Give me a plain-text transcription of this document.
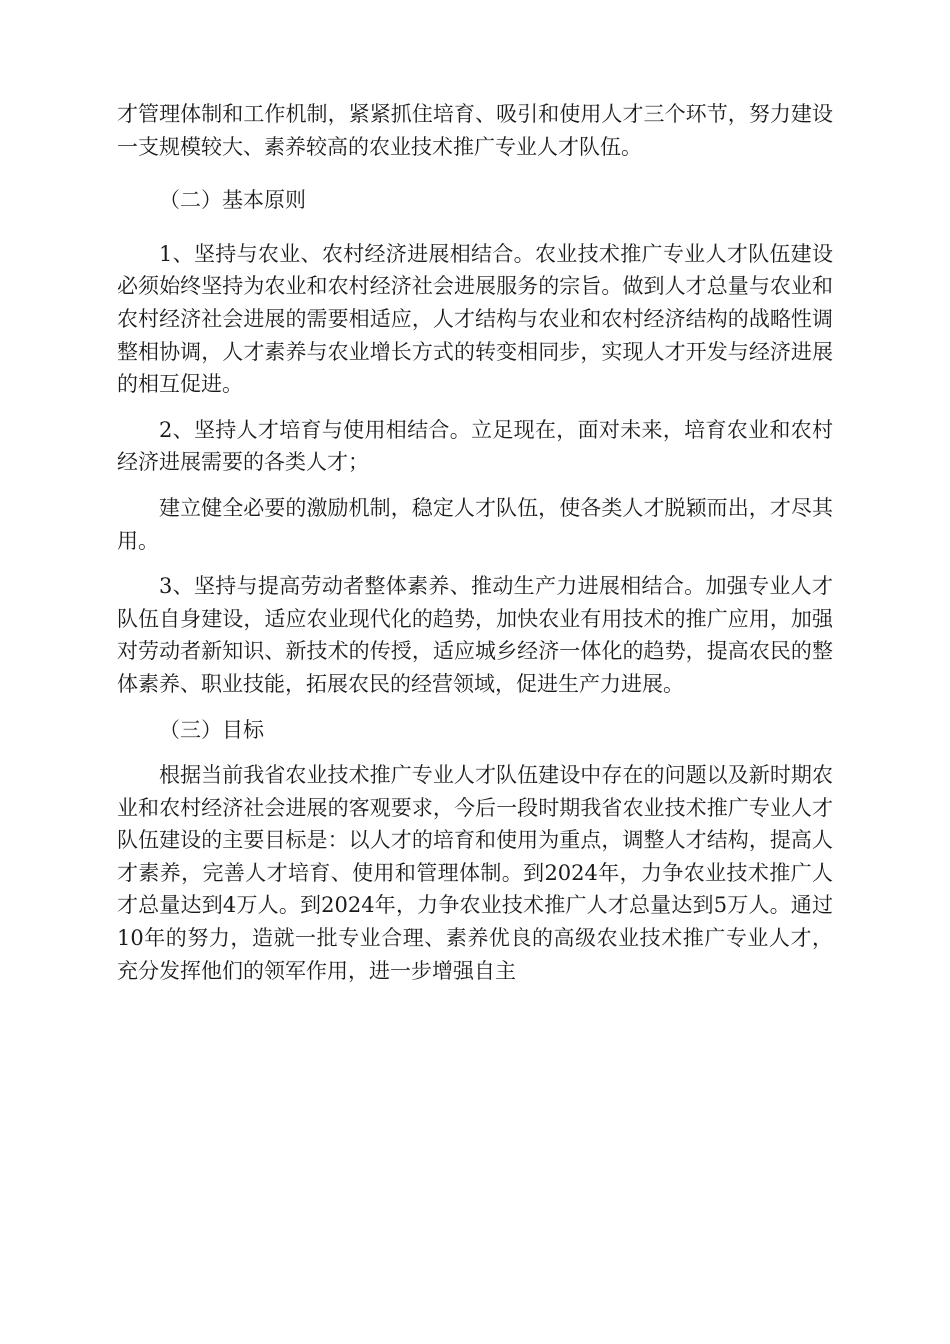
才管理体制和工作机制，紧紧抓住培育、吸引和使用人才三个环节，努力建设一支规模较大、素养较高的农业技术推广专业人才队伍。

（二）基本原则

1、坚持与农业、农村经济进展相结合。农业技术推广专业人才队伍建设必须始终坚持为农业和农村经济社会进展服务的宗旨。做到人才总量与农业和农村经济社会进展的需要相适应，人才结构与农业和农村经济结构的战略性调整相协调，人才素养与农业增长方式的转变相同步，实现人才开发与经济进展的相互促进。

2、坚持人才培育与使用相结合。立足现在，面对未来，培育农业和农村经济进展需要的各类人才；

建立健全必要的激励机制，稳定人才队伍，使各类人才脱颖而出，才尽其用。

3、坚持与提高劳动者整体素养、推动生产力进展相结合。加强专业人才队伍自身建设，适应农业现代化的趋势，加快农业有用技术的推广应用，加强对劳动者新知识、新技术的传授，适应城乡经济一体化的趋势，提高农民的整体素养、职业技能，拓展农民的经营领域，促进生产力进展。

（三）目标

根据当前我省农业技术推广专业人才队伍建设中存在的问题以及新时期农业和农村经济社会进展的客观要求，今后一段时期我省农业技术推广专业人才队伍建设的主要目标是：以人才的培育和使用为重点，调整人才结构，提高人才素养，完善人才培育、使用和管理体制。到2024年，力争农业技术推广人才总量达到4万人。到2024年，力争农业技术推广人才总量达到5万人。通过10年的努力，造就一批专业合理、素养优良的高级农业技术推广专业人才，充分发挥他们的领军作用，进一步增强自主
